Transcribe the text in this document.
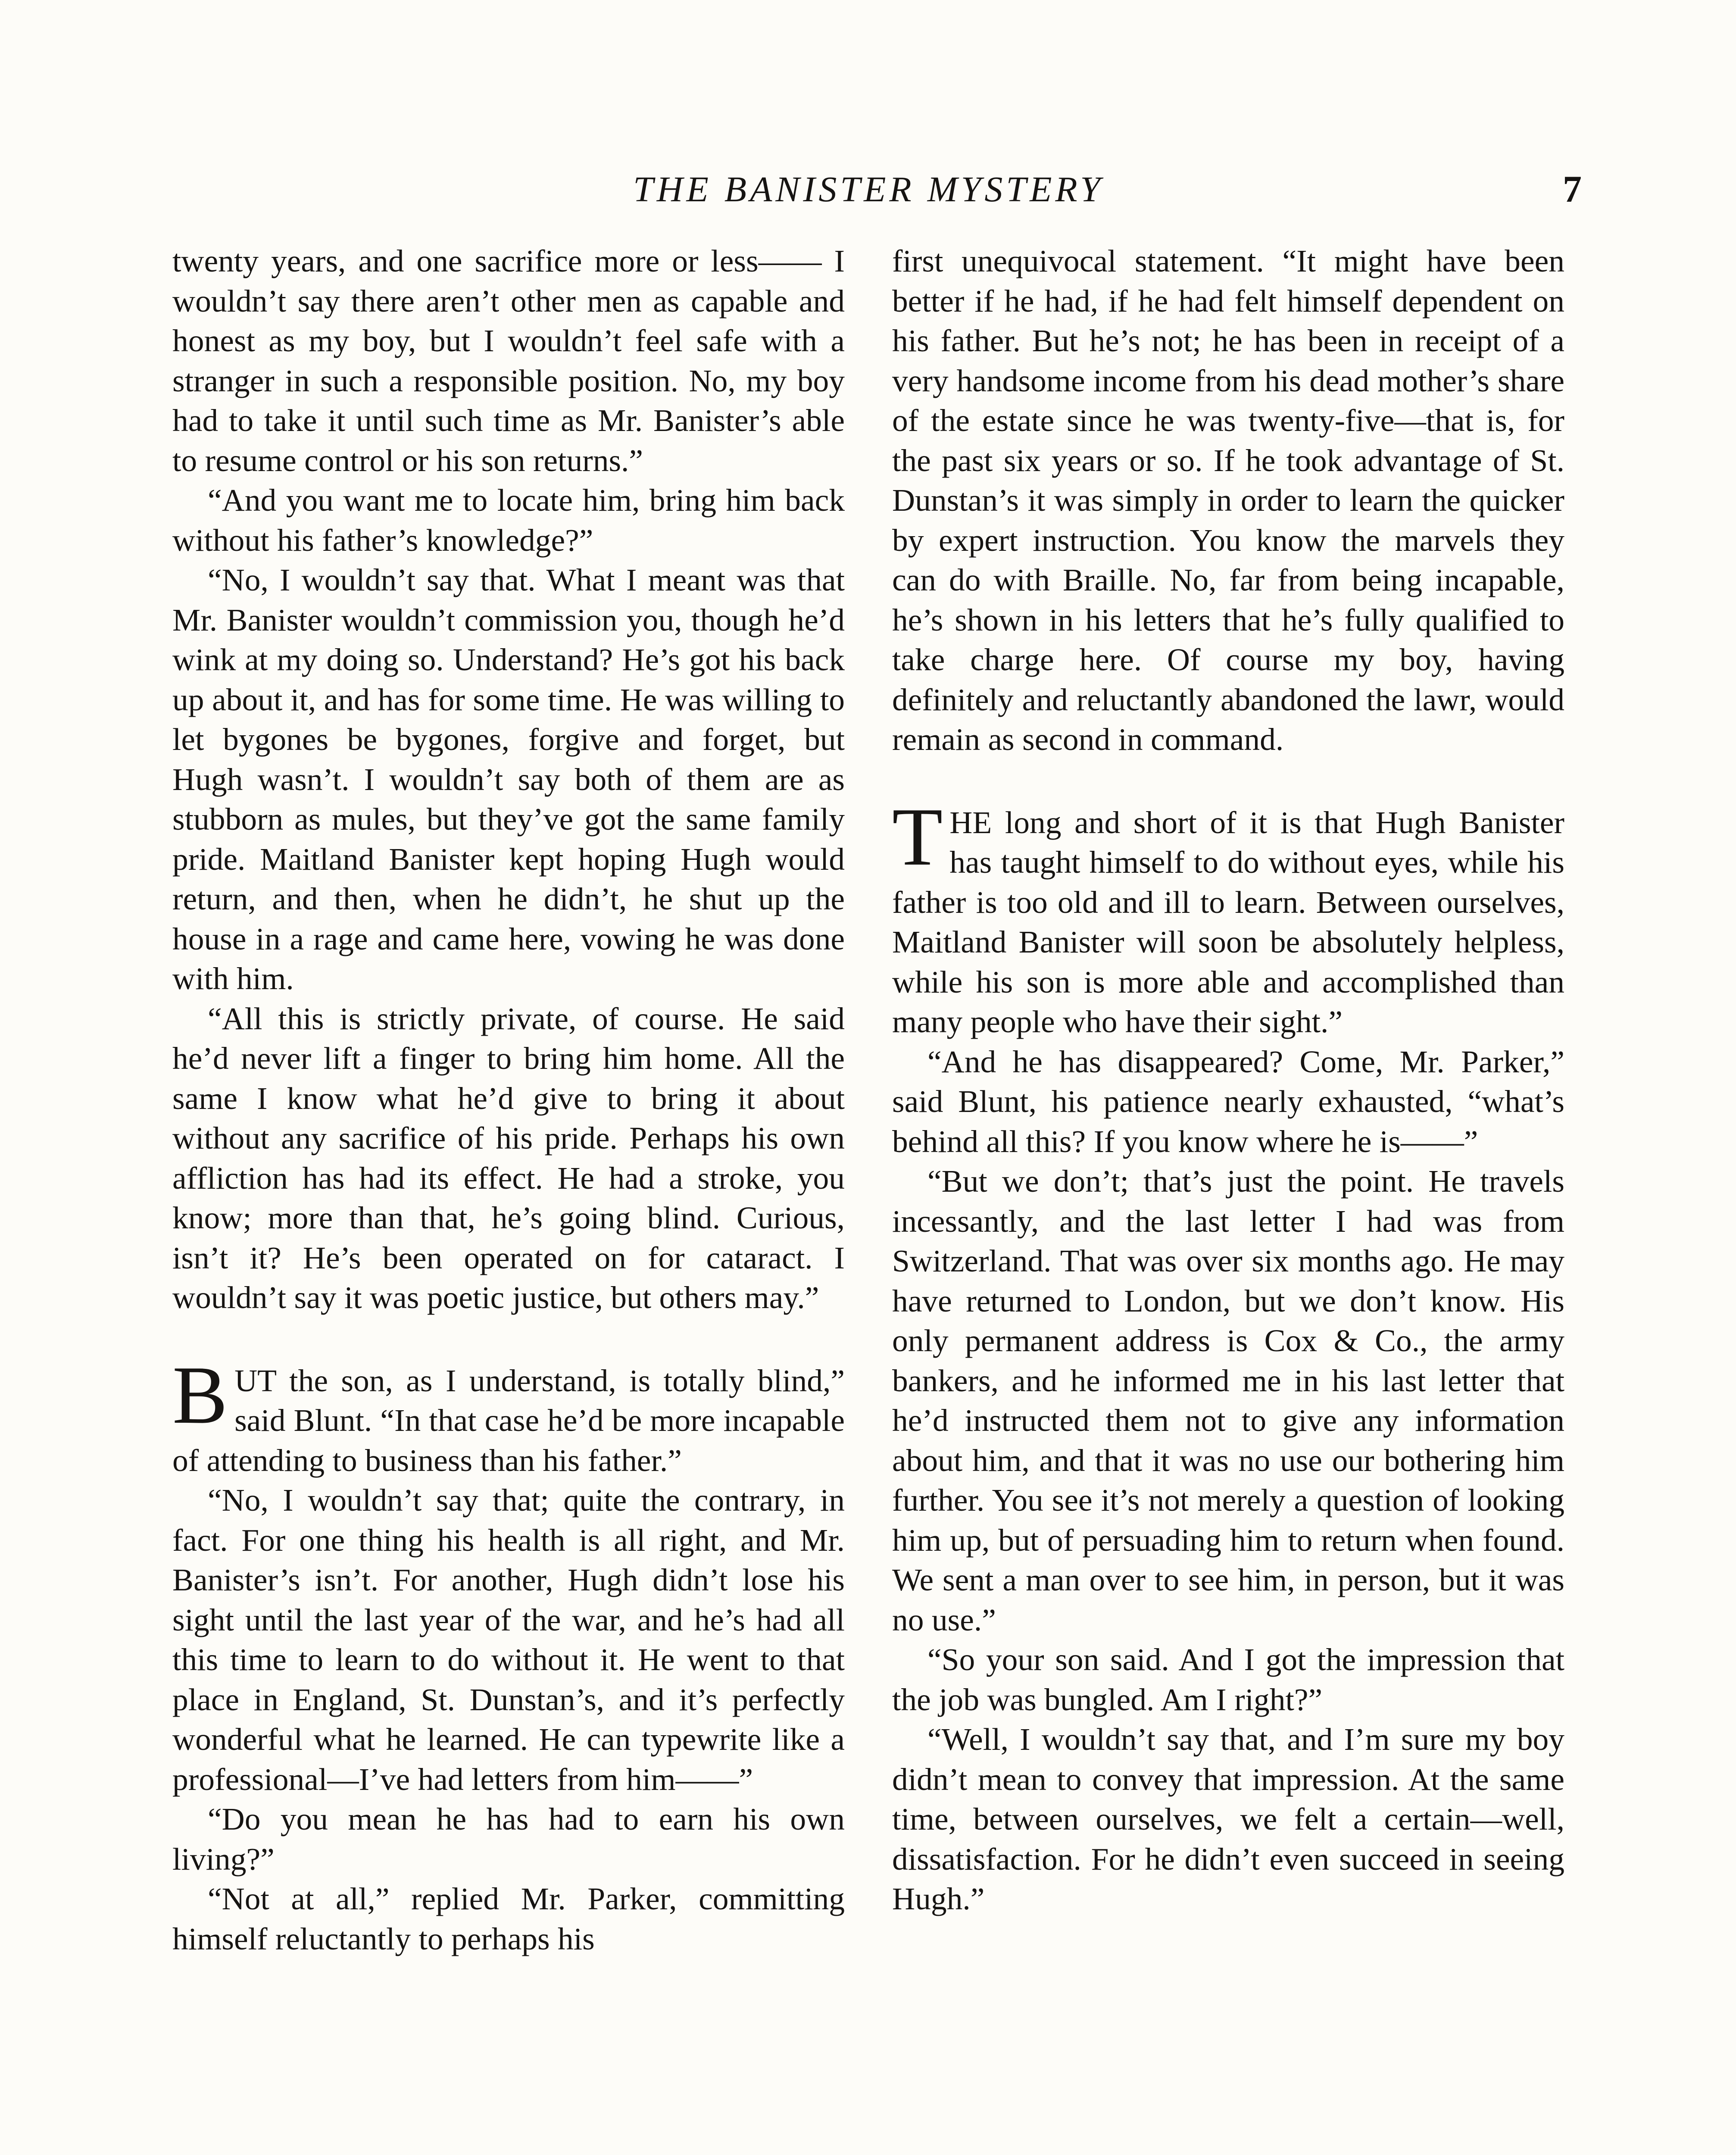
THE BANISTER MYSTERY	7

twenty years, and one sacrifice more or less—— I wouldn’t say there aren’t other men as capable and honest as my boy, but I wouldn’t feel safe with a stranger in such a responsible position. No, my boy had to take it until such time as Mr. Banister’s able to resume control or his son returns.”

“And you want me to locate him, bring him back without his father’s knowledge?”

“No, I wouldn’t say that. What I meant was that Mr. Banister wouldn’t commission you, though he’d wink at my doing so. Understand? He’s got his back up about it, and has for some time. He was willing to let bygones be bygones, forgive and forget, but Hugh wasn’t. I wouldn’t say both of them are as stubborn as mules, but they’ve got the same family pride. Maitland Banister kept hoping Hugh would return, and then, when he didn’t, he shut up the house in a rage and came here, vowing he was done with him.

“All this is strictly private, of course. He said he’d never lift a finger to bring him home. All the same I know what he’d give to bring it about without any sacrifice of his pride. Perhaps his own affliction has had its effect. He had a stroke, you know; more than that, he’s going blind. Curious, isn’t it? He’s been operated on for cataract. I wouldn’t say it was poetic justice, but others may.”

BUT the son, as I understand, is totally blind,” said Blunt. “In that case he’d be more incapable of attending to business than his father.”

“No, I wouldn’t say that; quite the contrary, in fact. For one thing his health is all right, and Mr. Banister’s isn’t. For another, Hugh didn’t lose his sight until the last year of the war, and he’s had all this time to learn to do without it. He went to that place in England, St. Dunstan’s, and it’s perfectly wonderful what he learned. He can typewrite like a professional—I’ve had letters from him——”

“Do you mean he has had to earn his own living?”

“Not at all,” replied Mr. Parker, committing himself reluctantly to perhaps his

first unequivocal statement. “It might have been better if he had, if he had felt himself dependent on his father. But he’s not; he has been in receipt of a very handsome income from his dead mother’s share of the estate since he was twenty-five—that is, for the past six years or so. If he took advantage of St. Dunstan’s it was simply in order to learn the quicker by expert instruction. You know the marvels they can do with Braille. No, far from being incapable, he’s shown in his letters that he’s fully qualified to take charge here. Of course my boy, having definitely and reluctantly abandoned the lawr, would remain as second in command.

THE long and short of it is that Hugh Banister has taught himself to do without eyes, while his father is too old and ill to learn. Between ourselves, Maitland Banister will soon be absolutely helpless, while his son is more able and accomplished than many people who have their sight.”

“And he has disappeared? Come, Mr. Parker,” said Blunt, his patience nearly exhausted, “what’s behind all this? If you know where he is——”

“But we don’t; that’s just the point. He travels incessantly, and the last letter I had was from Switzerland. That was over six months ago. He may have returned to London, but we don’t know. His only permanent address is Cox & Co., the army bankers, and he informed me in his last letter that he’d instructed them not to give any information about him, and that it was no use our bothering him further. You see it’s not merely a question of looking him up, but of persuading him to return when found. We sent a man over to see him, in person, but it was no use.”

“So your son said. And I got the impression that the job was bungled. Am I right?”

“Well, I wouldn’t say that, and I’m sure my boy didn’t mean to convey that impression. At the same time, between ourselves, we felt a certain—well, dissatisfaction. For he didn’t even succeed in seeing Hugh.”
